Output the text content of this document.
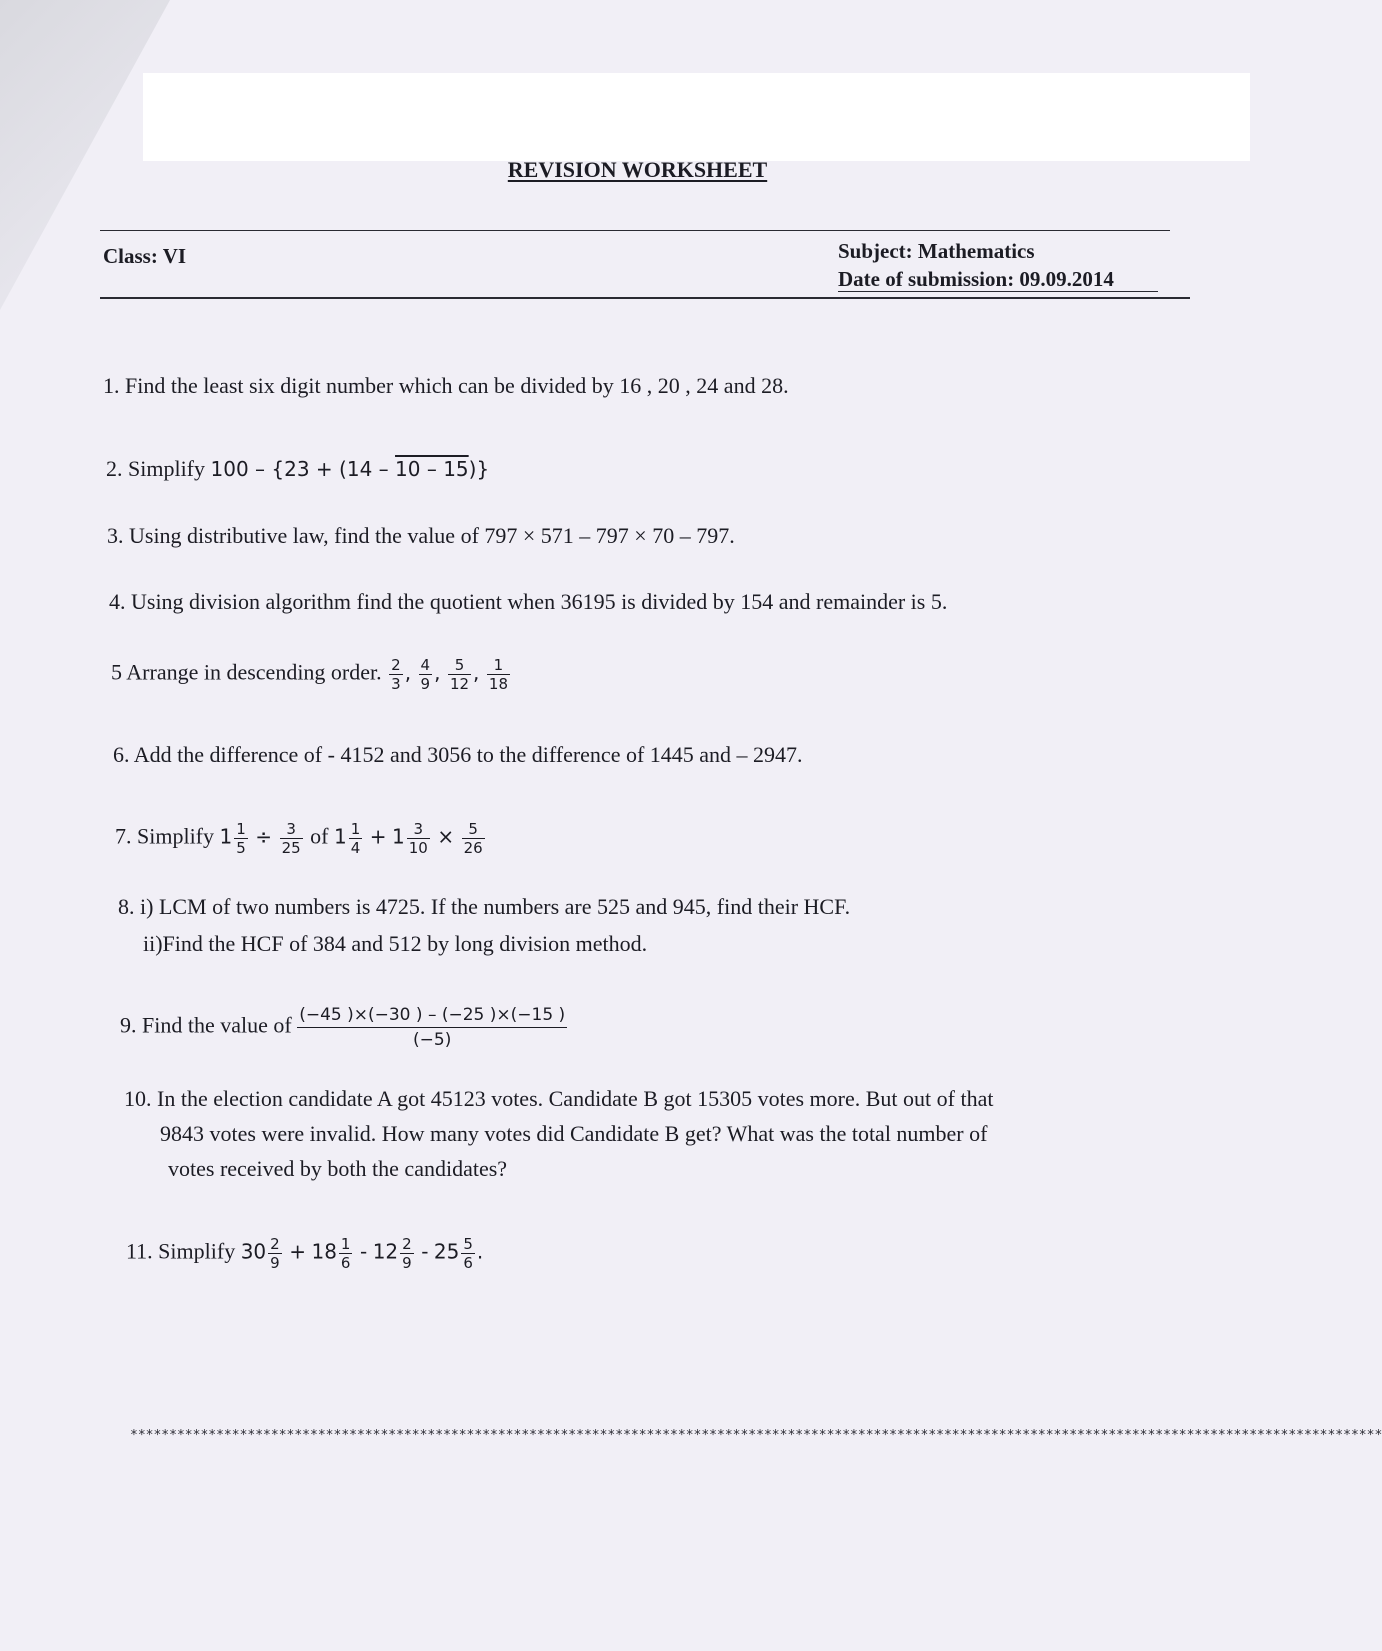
REVISION WORKSHEET
Class: VI	Subject: Mathematics
Date of submission: 09.09.2014
1. Find the least six digit number which can be divided by 16 , 20 , 24 and 28.
2. Simplify 100 – {23 + (14 – 10 – 15)}
3. Using distributive law, find the value of 797 × 571 – 797 × 70 – 797.
4. Using division algorithm find the quotient when 36195 is divided by 154 and remainder is 5.
5 Arrange in descending order. $\frac{2}{3}$ , $\frac{4}{9}$ , $\frac{5}{12}$ , $\frac{1}{18}$
6. Add the difference of - 4152 and 3056 to the difference of 1445 and – 2947.
7. Simplify $1 \frac{1}{5} \div \frac{3}{25}$ of $1 \frac{1}{4} + 1 \frac{3}{10} \times \frac{5}{26}$
8. i) LCM of two numbers is 4725. If the numbers are 525 and 945, find their HCF.
ii)Find the HCF of 384 and 512 by long division method.
9. Find the value of $\frac{(-45 )\times(-30 ) - (-25 )\times(-15 )}{(-5)}$
10. In the election candidate A got 45123 votes. Candidate B got 15305 votes more. But out of that
9843 votes were invalid. How many votes did Candidate B get? What was the total number of
votes received by both the candidates?
11. Simplify $30 \frac{2}{9} + 18 \frac{1}{6} - 12 \frac{2}{9} - 25 \frac{5}{6}$ .
****************************************************************************************************************************************************************
